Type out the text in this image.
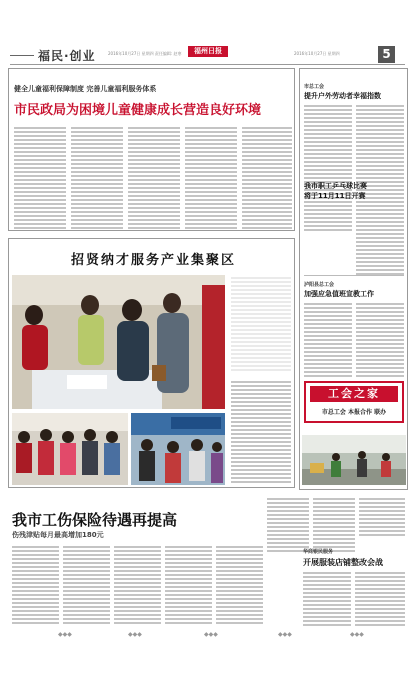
福民·创业	2016年10月27日 星期四 责任编辑: 赵寒	福州日报	2016年10月27日 星期四	5
健全儿童福利保障制度 完善儿童福利服务体系
市民政局为困境儿童健康成长营造良好环境
招贤纳才服务产业集聚区
市总工会
提升户外劳动者幸福指数
我市职工乒乓球比赛
将于11月11日开赛
泸阳县总工会
加强应急值班宣教工作
工会之家
市总工会 本报合作 联办
我市工伤保险待遇再提高
伤残津贴每月最高增加180元
华商银民服务
开展服装店铺整改会战
◆◆◆	◆◆◆	◆◆◆	◆◆◆	◆◆◆
